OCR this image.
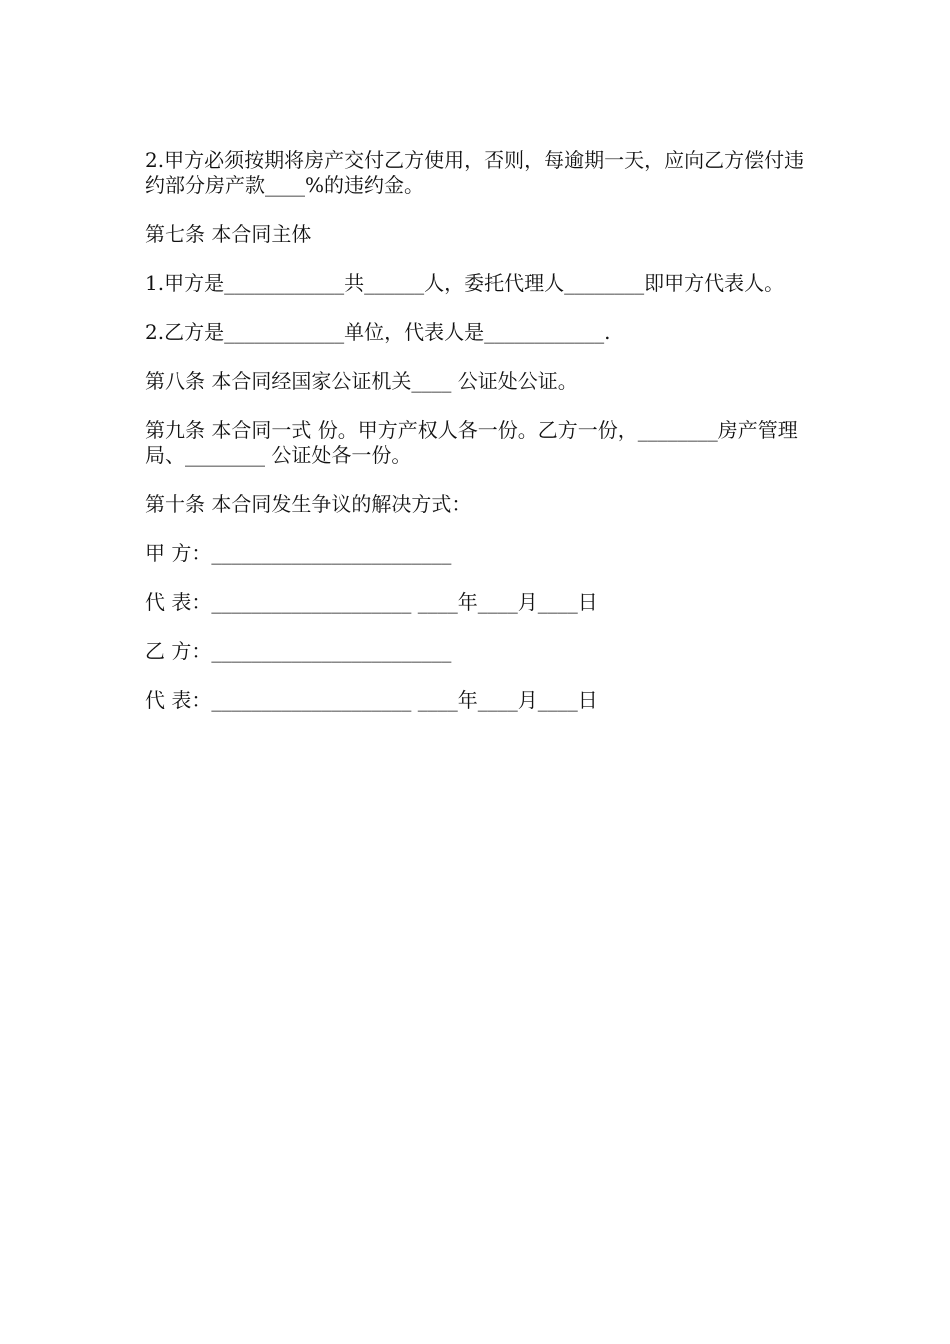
2.甲方必须按期将房产交付乙方使用，否则，每逾期一天，应向乙方偿付违约部分房产款____%的违约金。

第七条 本合同主体

1.甲方是____________共______人，委托代理人________即甲方代表人。

2.乙方是____________单位，代表人是____________.

第八条 本合同经国家公证机关____ 公证处公证。

第九条 本合同一式 份。甲方产权人各一份。乙方一份，________房产管理局、________ 公证处各一份。

第十条 本合同发生争议的解决方式：

甲 方：________________________

代 表：____________________ ____年____月____日

乙 方：________________________

代 表：____________________ ____年____月____日
